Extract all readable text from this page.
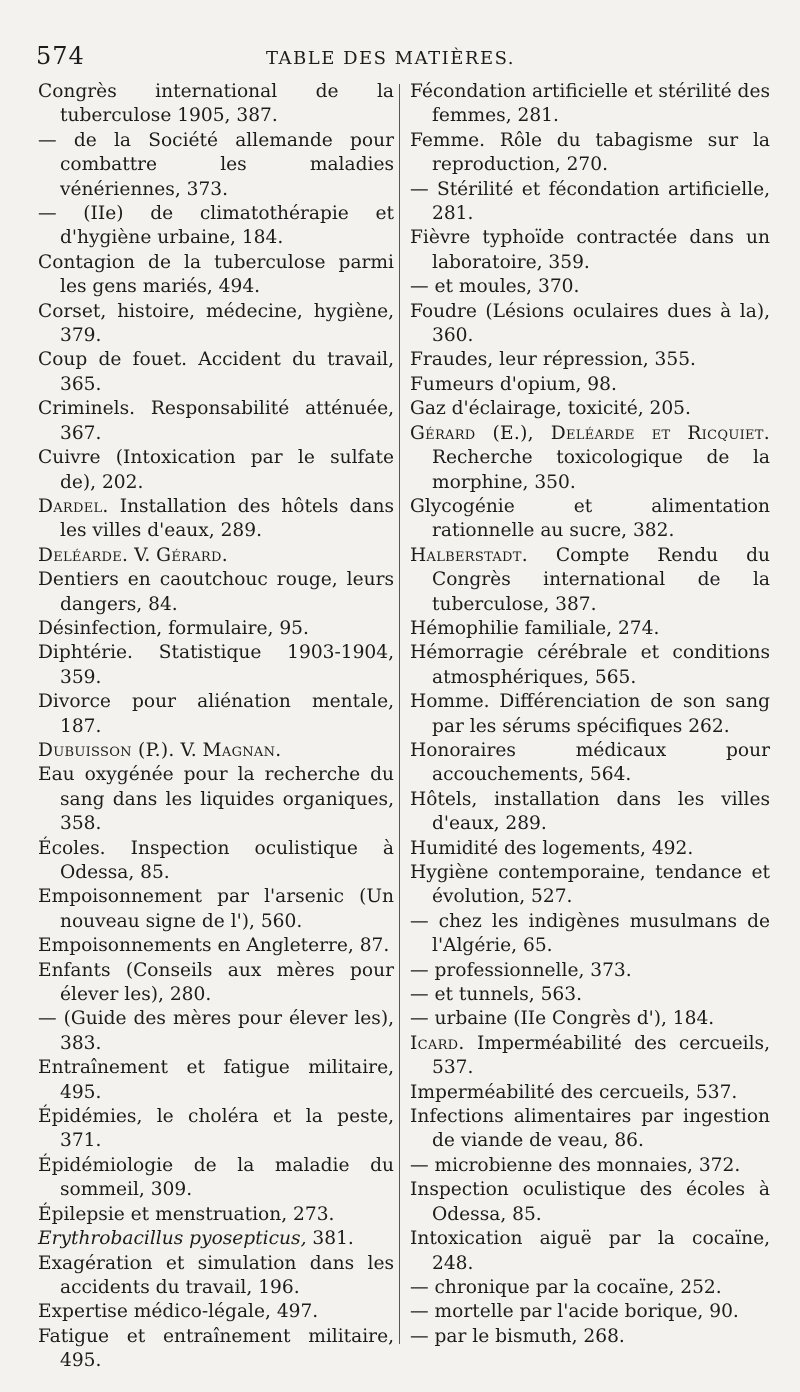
574	TABLE DES MATIÈRES.
Congrès international de la tuberculose 1905, 387.
— de la Société allemande pour combattre les maladies vénériennes, 373.
— (IIe) de climatothérapie et d'hygiène urbaine, 184.
Contagion de la tuberculose parmi les gens mariés, 494.
Corset, histoire, médecine, hygiène, 379.
Coup de fouet. Accident du travail, 365.
Criminels. Responsabilité atténuée, 367.
Cuivre (Intoxication par le sulfate de), 202.
Dardel. Installation des hôtels dans les villes d'eaux, 289.
Deléarde. V. Gérard.
Dentiers en caoutchouc rouge, leurs dangers, 84.
Désinfection, formulaire, 95.
Diphtérie. Statistique 1903-1904, 359.
Divorce pour aliénation mentale, 187.
Dubuisson (P.). V. Magnan.
Eau oxygénée pour la recherche du sang dans les liquides organiques, 358.
Écoles. Inspection oculistique à Odessa, 85.
Empoisonnement par l'arsenic (Un nouveau signe de l'), 560.
Empoisonnements en Angleterre, 87.
Enfants (Conseils aux mères pour élever les), 280.
— (Guide des mères pour élever les), 383.
Entraînement et fatigue militaire, 495.
Épidémies, le choléra et la peste, 371.
Épidémiologie de la maladie du sommeil, 309.
Épilepsie et menstruation, 273.
Erythrobacillus pyosepticus, 381.
Exagération et simulation dans les accidents du travail, 196.
Expertise médico-légale, 497.
Fatigue et entraînement militaire, 495.
Fécondation artificielle et stérilité des femmes, 281.
Femme. Rôle du tabagisme sur la reproduction, 270.
— Stérilité et fécondation artificielle, 281.
Fièvre typhoïde contractée dans un laboratoire, 359.
— et moules, 370.
Foudre (Lésions oculaires dues à la), 360.
Fraudes, leur répression, 355.
Fumeurs d'opium, 98.
Gaz d'éclairage, toxicité, 205.
Gérard (E.), Deléarde et Ricquiet. Recherche toxicologique de la morphine, 350.
Glycogénie et alimentation rationnelle au sucre, 382.
Halberstadt. Compte Rendu du Congrès international de la tuberculose, 387.
Hémophilie familiale, 274.
Hémorragie cérébrale et conditions atmosphériques, 565.
Homme. Différenciation de son sang par les sérums spécifiques 262.
Honoraires médicaux pour accouchements, 564.
Hôtels, installation dans les villes d'eaux, 289.
Humidité des logements, 492.
Hygiène contemporaine, tendance et évolution, 527.
— chez les indigènes musulmans de l'Algérie, 65.
— professionnelle, 373.
— et tunnels, 563.
— urbaine (IIe Congrès d'), 184.
Icard. Imperméabilité des cercueils, 537.
Imperméabilité des cercueils, 537.
Infections alimentaires par ingestion de viande de veau, 86.
— microbienne des monnaies, 372.
Inspection oculistique des écoles à Odessa, 85.
Intoxication aiguë par la cocaïne, 248.
— chronique par la cocaïne, 252.
— mortelle par l'acide borique, 90.
— par le bismuth, 268.
